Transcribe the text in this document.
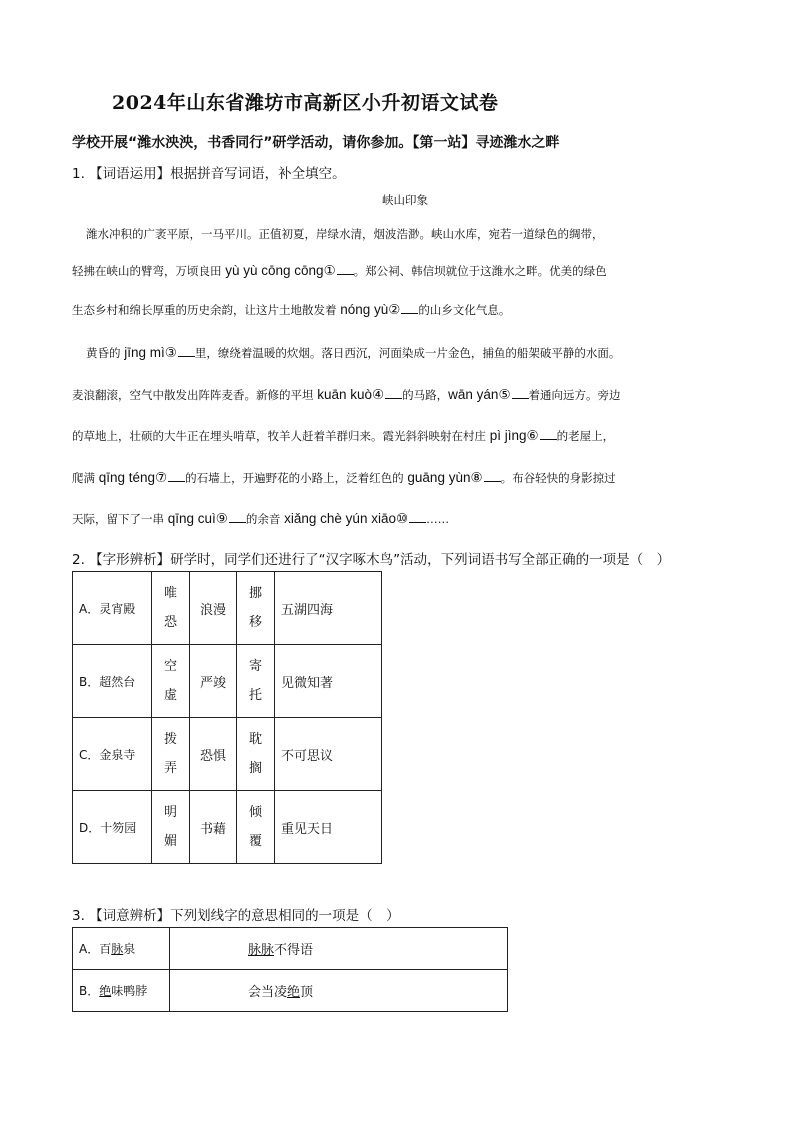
2024年山东省潍坊市高新区小升初语文试卷
学校开展“潍水泱泱，书香同行”研学活动，请你参加。【第一站】寻迹潍水之畔
1. 【词语运用】根据拼音写词语，补全填空。
峡山印象
潍水冲积的广袤平原，一马平川。正值初夏，岸绿水清，烟波浩渺。峡山水库，宛若一道绿色的绸带，
轻拂在峡山的臂弯，万顷良田 yù yù cōng cōng① 。郑公祠、韩信坝就位于这潍水之畔。优美的绿色
生态乡村和绵长厚重的历史余韵，让这片土地散发着 nóng yù② 的山乡文化气息。
黄昏的 jīng mì③ 里，缭绕着温暖的炊烟。落日西沉，河面染成一片金色，捕鱼的船架破平静的水面。
麦浪翻滚，空气中散发出阵阵麦香。新修的平坦 kuān kuò④ 的马路，wān yán⑤ 着通向远方。旁边
的草地上，壮硕的大牛正在埋头啃草，牧羊人赶着羊群归来。霞光斜斜映射在村庄 pì jìng⑥ 的老屋上，
爬满 qīng téng⑦ 的石墙上，开遍野花的小路上，泛着红色的 guāng yùn⑧ 。布谷轻快的身影掠过
天际，留下了一串 qīng cuì⑨ 的余音 xiǎng chè yún xiāo⑩ ……
2. 【字形辨析】研学时，同学们还进行了“汉字啄木鸟”活动，下列词语书写全部正确的一项是（　）
A．灵宵殿	唯
恐	浪漫	挪
移	五湖四海
B．超然台	空
虚	严竣	寄
托	见微知著
C．金泉寺	拨
弄	恐惧	耽
搁	不可思议
D．十笏园	明
媚	书藉	倾
覆	重见天日
3. 【词意辨析】下列划线字的意思相同的一项是（　）
A．百脉泉	脉脉不得语
B．绝味鸭脖	会当凌绝顶
